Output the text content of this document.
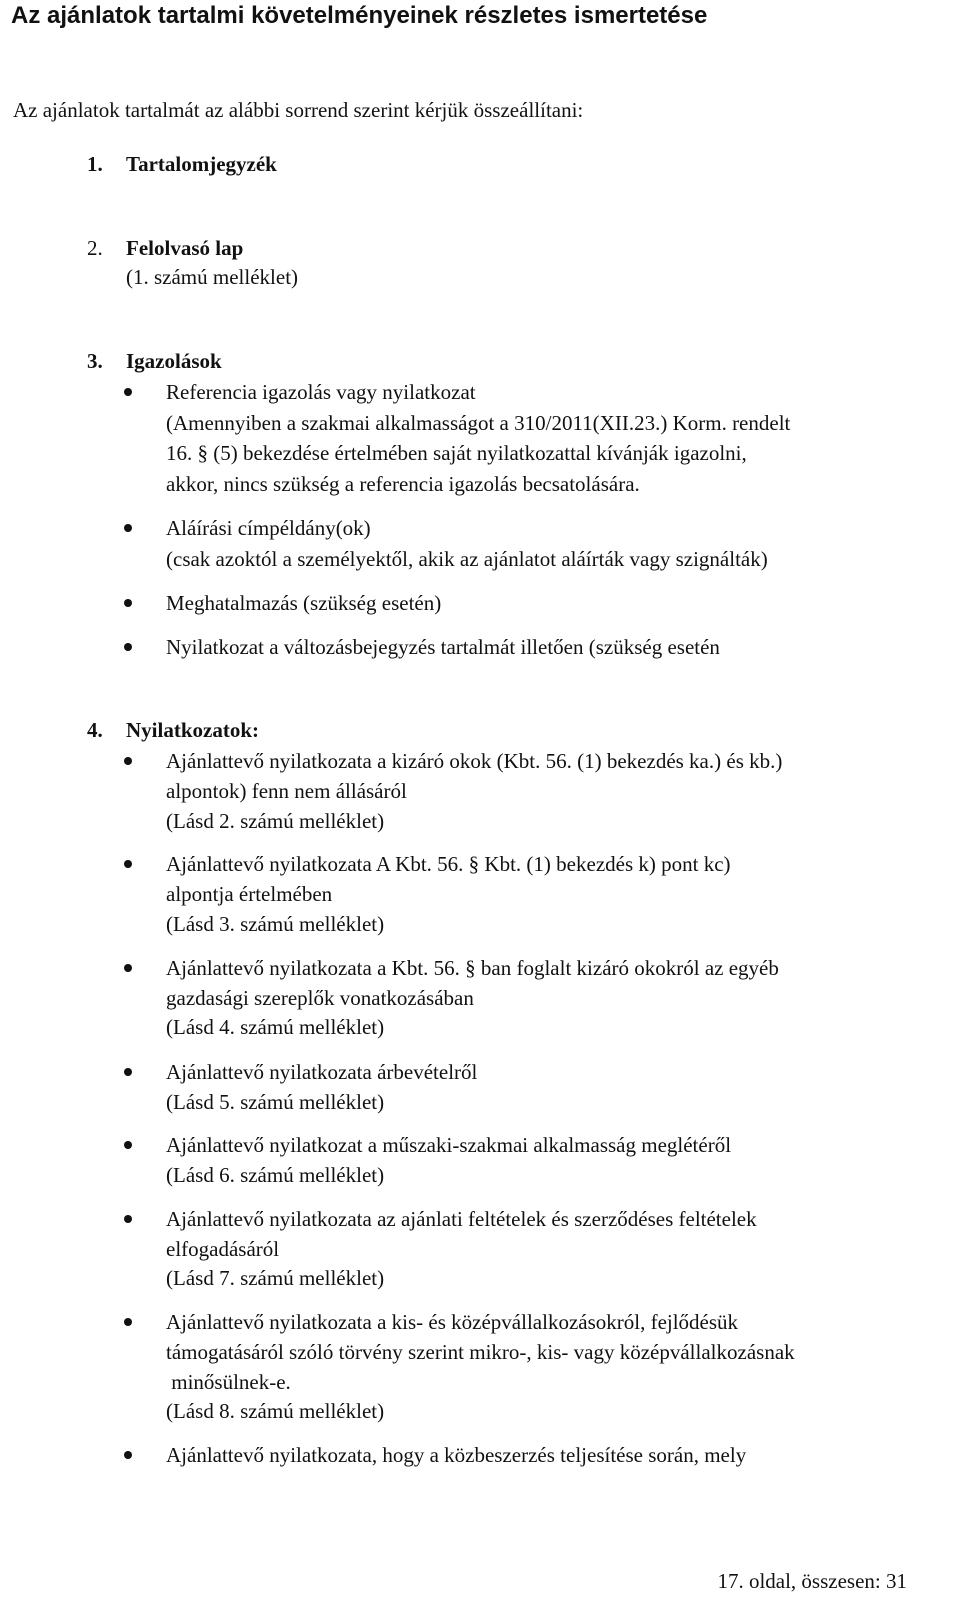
Az ajánlatok tartalmi követelményeinek részletes ismertetése
Az ajánlatok tartalmát az alábbi sorrend szerint kérjük összeállítani:
1. Tartalomjegyzék
2. Felolvasó lap
(1. számú melléklet)
3. Igazolások
Referencia igazolás vagy nyilatkozat
(Amennyiben a szakmai alkalmasságot a 310/2011(XII.23.) Korm. rendelt
16. § (5) bekezdése értelmében saját nyilatkozattal kívánják igazolni,
akkor, nincs szükség a referencia igazolás becsatolására.
Aláírási címpéldány(ok)
(csak azoktól a személyektől, akik az ajánlatot aláírták vagy szignálták)
Meghatalmazás (szükség esetén)
Nyilatkozat a változásbejegyzés tartalmát illetően (szükség esetén
4. Nyilatkozatok:
Ajánlattevő nyilatkozata a kizáró okok (Kbt. 56. (1) bekezdés ka.) és kb.)
alpontok) fenn nem állásáról
(Lásd 2. számú melléklet)
Ajánlattevő nyilatkozata A Kbt. 56. § Kbt. (1) bekezdés k) pont kc)
alpontja értelmében
(Lásd 3. számú melléklet)
Ajánlattevő nyilatkozata a Kbt. 56. § ban foglalt kizáró okokról az egyéb
gazdasági szereplők vonatkozásában
(Lásd 4. számú melléklet)
Ajánlattevő nyilatkozata árbevételről
(Lásd 5. számú melléklet)
Ajánlattevő nyilatkozat a műszaki-szakmai alkalmasság meglétéről
(Lásd 6. számú melléklet)
Ajánlattevő nyilatkozata az ajánlati feltételek és szerződéses feltételek
elfogadásáról
(Lásd 7. számú melléklet)
Ajánlattevő nyilatkozata a kis- és középvállalkozásokról, fejlődésük
támogatásáról szóló törvény szerint mikro-, kis- vagy középvállalkozásnak
minősülnek-e.
(Lásd 8. számú melléklet)
Ajánlattevő nyilatkozata, hogy a közbeszerzés teljesítése során, mely
17. oldal, összesen: 31
